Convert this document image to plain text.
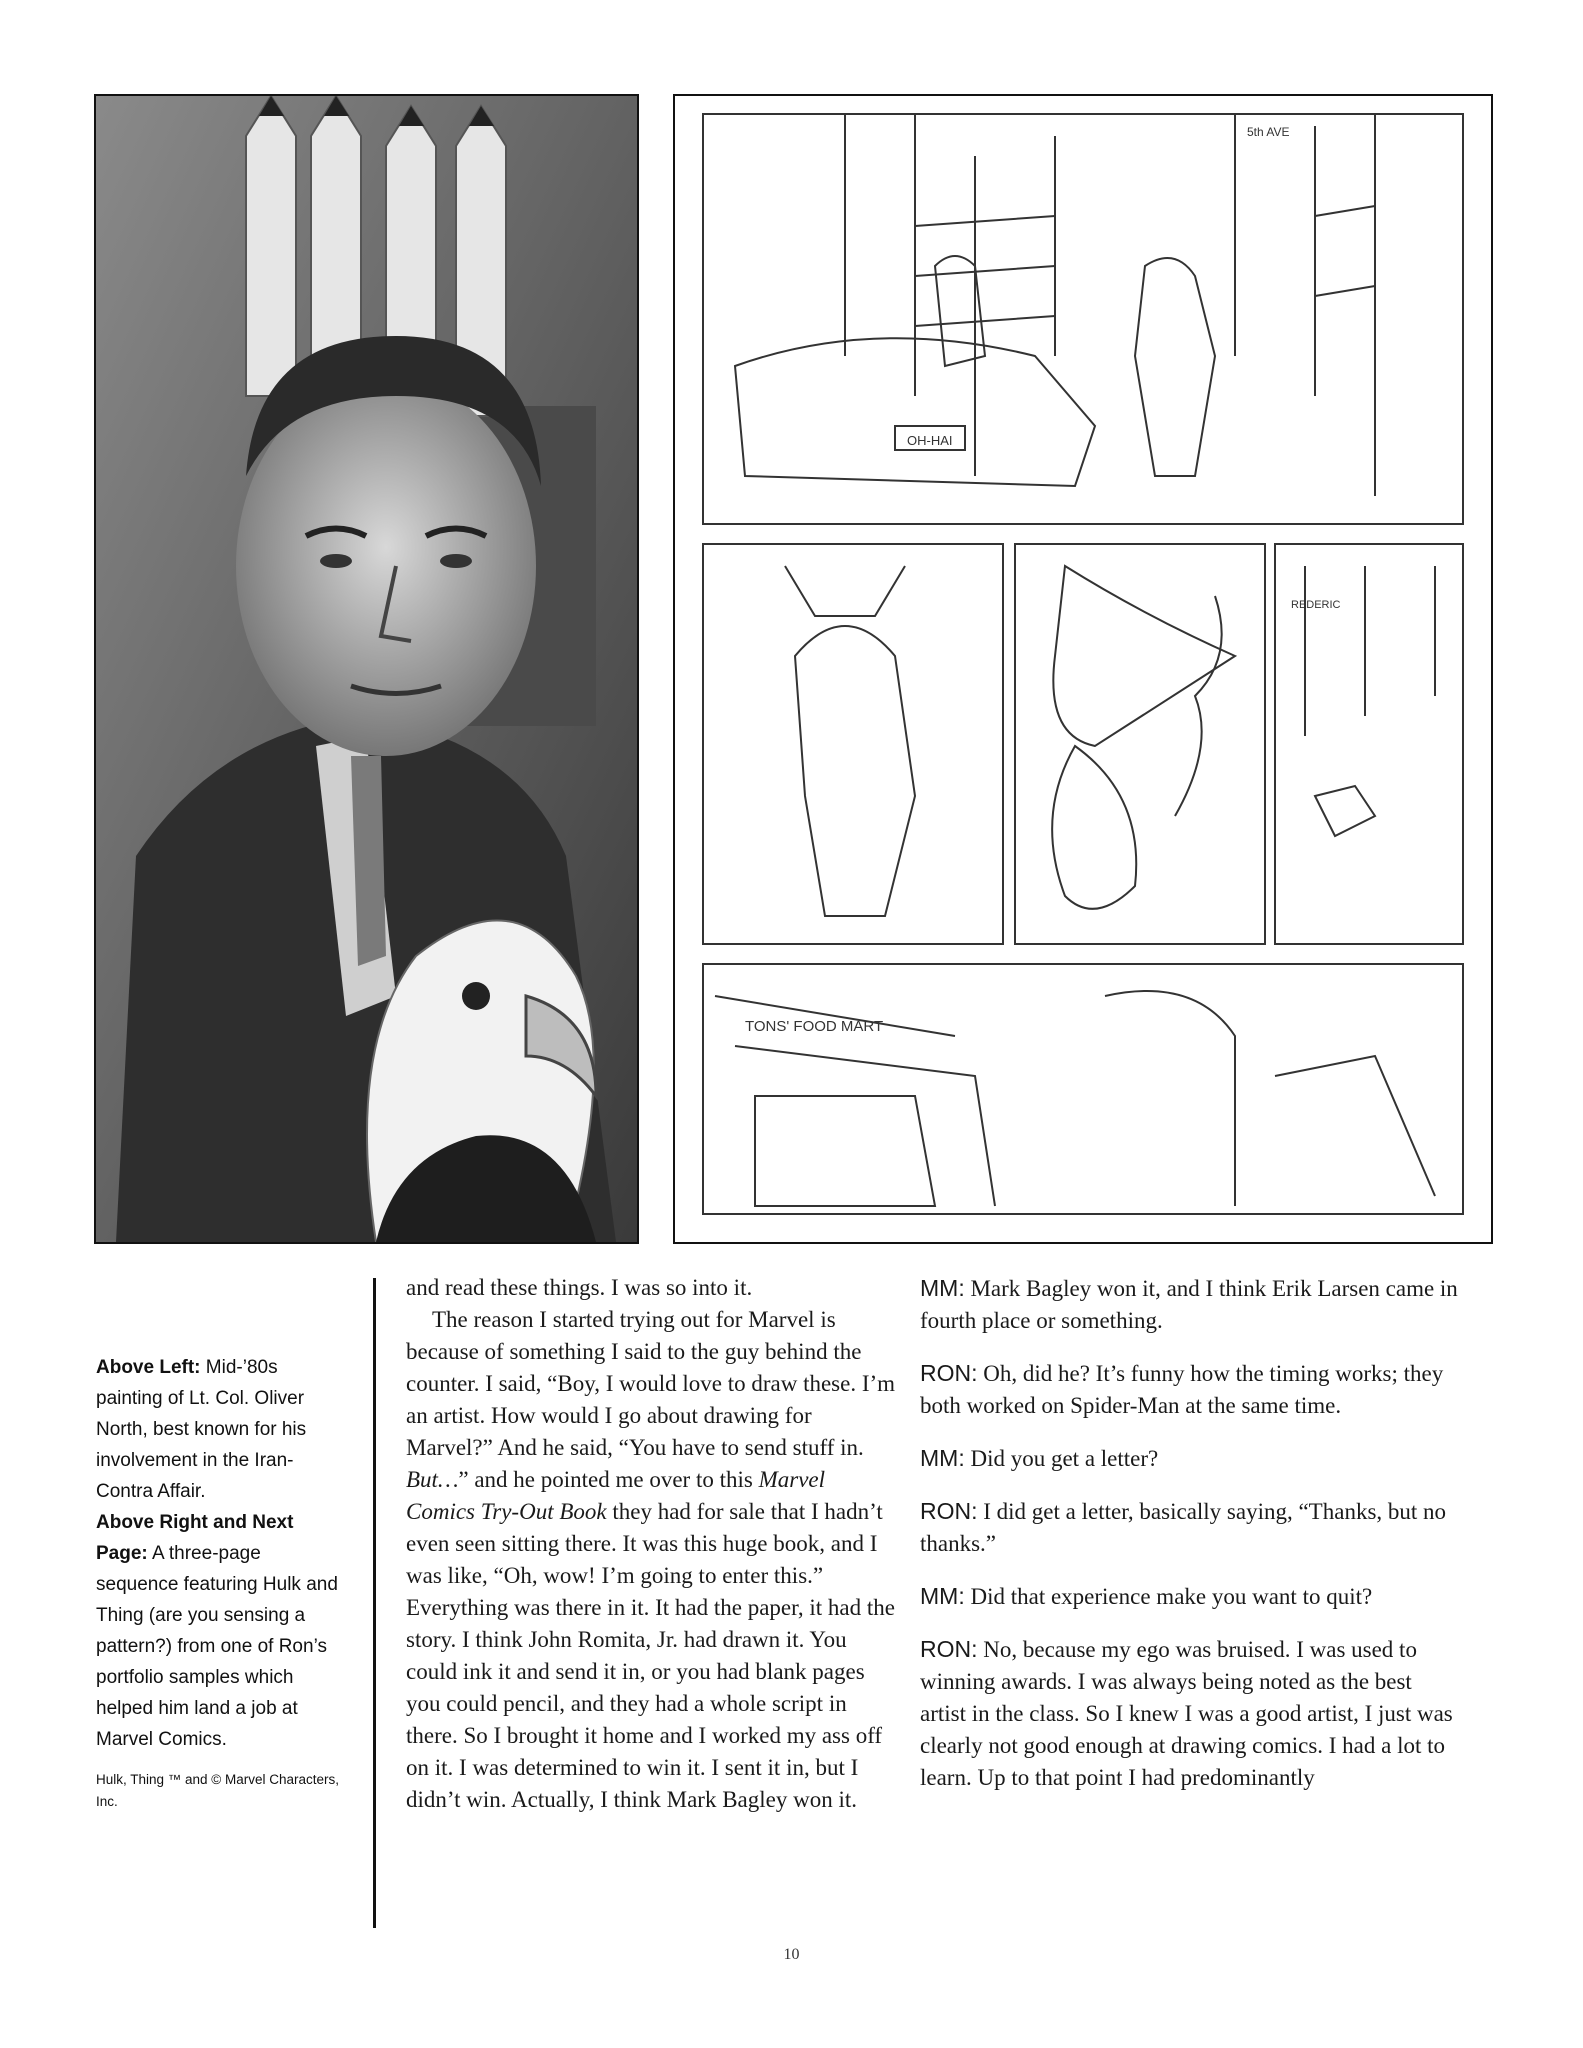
OH-HAI
TONS' FOOD MART
5th AVE
REDERIC
Above Left: Mid-’80s painting of Lt. Col. Oliver North, best known for his involvement in the Iran-Contra Affair.
Above Right and Next Page: A three-page sequence featuring Hulk and Thing (are you sensing a pattern?) from one of Ron’s portfolio samples which helped him land a job at Marvel Comics.
Hulk, Thing ™ and © Marvel Characters, Inc.

and read these things. I was so into it.

The reason I started trying out for Marvel is because of something I said to the guy behind the counter. I said, “Boy, I would love to draw these. I’m an artist. How would I go about drawing for Marvel?” And he said, “You have to send stuff in. But…” and he pointed me over to this Marvel Comics Try-Out Book they had for sale that I hadn’t even seen sitting there. It was this huge book, and I was like, “Oh, wow! I’m going to enter this.” Everything was there in it. It had the paper, it had the story. I think John Romita, Jr. had drawn it. You could ink it and send it in, or you had blank pages you could pencil, and they had a whole script in there. So I brought it home and I worked my ass off on it. I was determined to win it. I sent it in, but I didn’t win. Actually, I think Mark Bagley won it.

MM: Mark Bagley won it, and I think Erik Larsen came in fourth place or something.

RON: Oh, did he? It’s funny how the timing works; they both worked on Spider-Man at the same time.

MM: Did you get a letter?

RON: I did get a letter, basically saying, “Thanks, but no thanks.”

MM: Did that experience make you want to quit?

RON: No, because my ego was bruised. I was used to winning awards. I was always being noted as the best artist in the class. So I knew I was a good artist, I just was clearly not good enough at drawing comics. I had a lot to learn. Up to that point I had predominantly

10
